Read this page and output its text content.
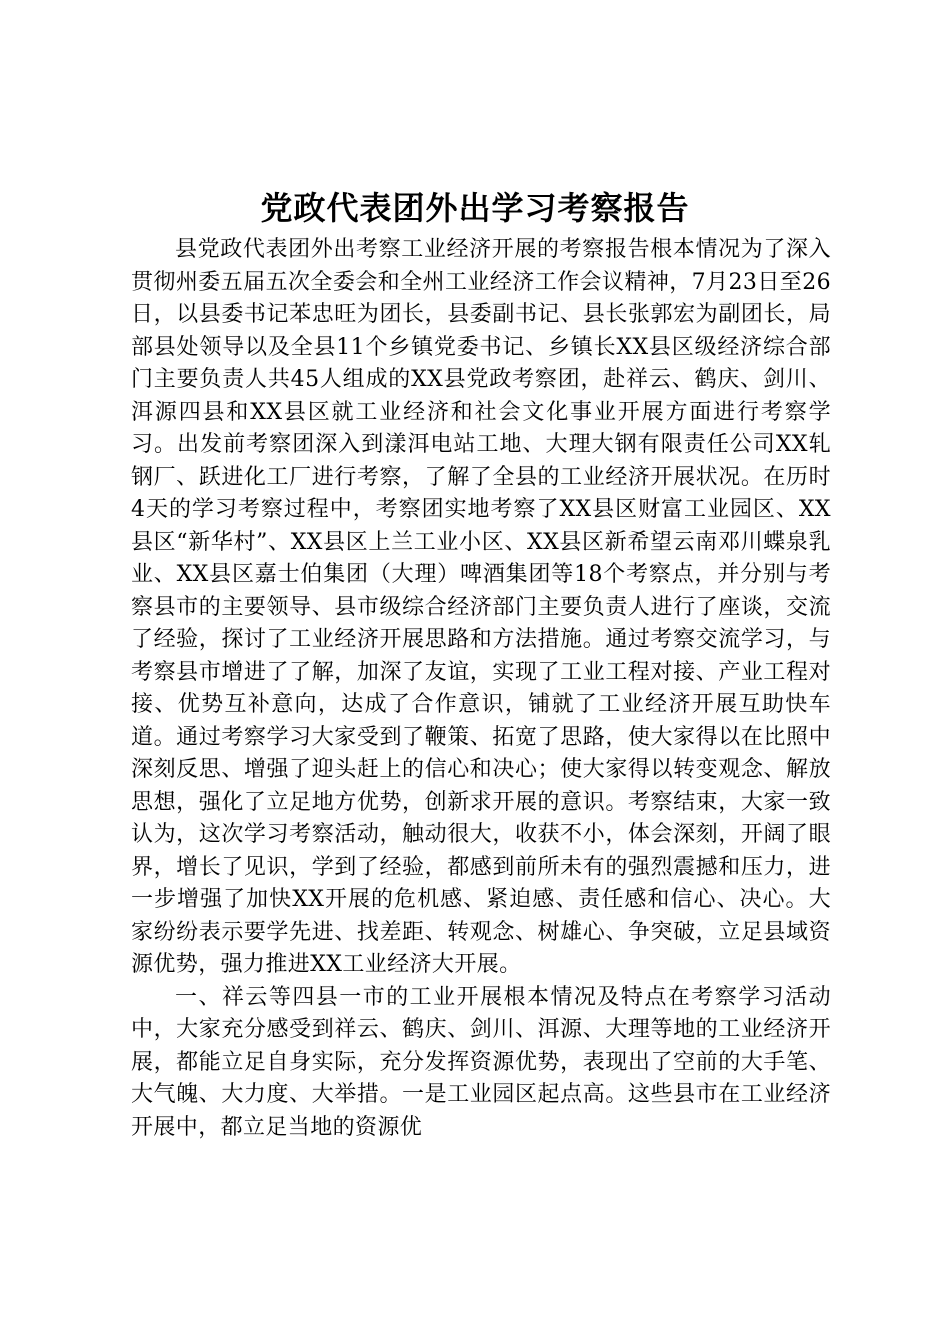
党政代表团外出学习考察报告

县党政代表团外出考察工业经济开展的考察报告根本情况为了深入贯彻州委五届五次全委会和全州工业经济工作会议精神，7月23日至26日，以县委书记苯忠旺为团长，县委副书记、县长张郭宏为副团长，局部县处领导以及全县11个乡镇党委书记、乡镇长XX县区级经济综合部门主要负责人共45人组成的XX县党政考察团，赴祥云、鹤庆、剑川、洱源四县和XX县区就工业经济和社会文化事业开展方面进行考察学习。出发前考察团深入到漾洱电站工地、大理大钢有限责任公司XX轧钢厂、跃进化工厂进行考察，了解了全县的工业经济开展状况。在历时4天的学习考察过程中，考察团实地考察了XX县区财富工业园区、XX县区“新华村”、XX县区上兰工业小区、XX县区新希望云南邓川蝶泉乳业、XX县区嘉士伯集团（大理）啤酒集团等18个考察点，并分别与考察县市的主要领导、县市级综合经济部门主要负责人进行了座谈，交流了经验，探讨了工业经济开展思路和方法措施。通过考察交流学习，与考察县市增进了了解，加深了友谊，实现了工业工程对接、产业工程对接、优势互补意向，达成了合作意识，铺就了工业经济开展互助快车道。通过考察学习大家受到了鞭策、拓宽了思路，使大家得以在比照中深刻反思、增强了迎头赶上的信心和决心；使大家得以转变观念、解放思想，强化了立足地方优势，创新求开展的意识。考察结束，大家一致认为，这次学习考察活动，触动很大，收获不小，体会深刻，开阔了眼界，增长了见识，学到了经验，都感到前所未有的强烈震撼和压力，进一步增强了加快XX开展的危机感、紧迫感、责任感和信心、决心。大家纷纷表示要学先进、找差距、转观念、树雄心、争突破，立足县域资源优势，强力推进XX工业经济大开展。

一、祥云等四县一市的工业开展根本情况及特点在考察学习活动中，大家充分感受到祥云、鹤庆、剑川、洱源、大理等地的工业经济开展，都能立足自身实际，充分发挥资源优势，表现出了空前的大手笔、大气魄、大力度、大举措。一是工业园区起点高。这些县市在工业经济开展中，都立足当地的资源优
